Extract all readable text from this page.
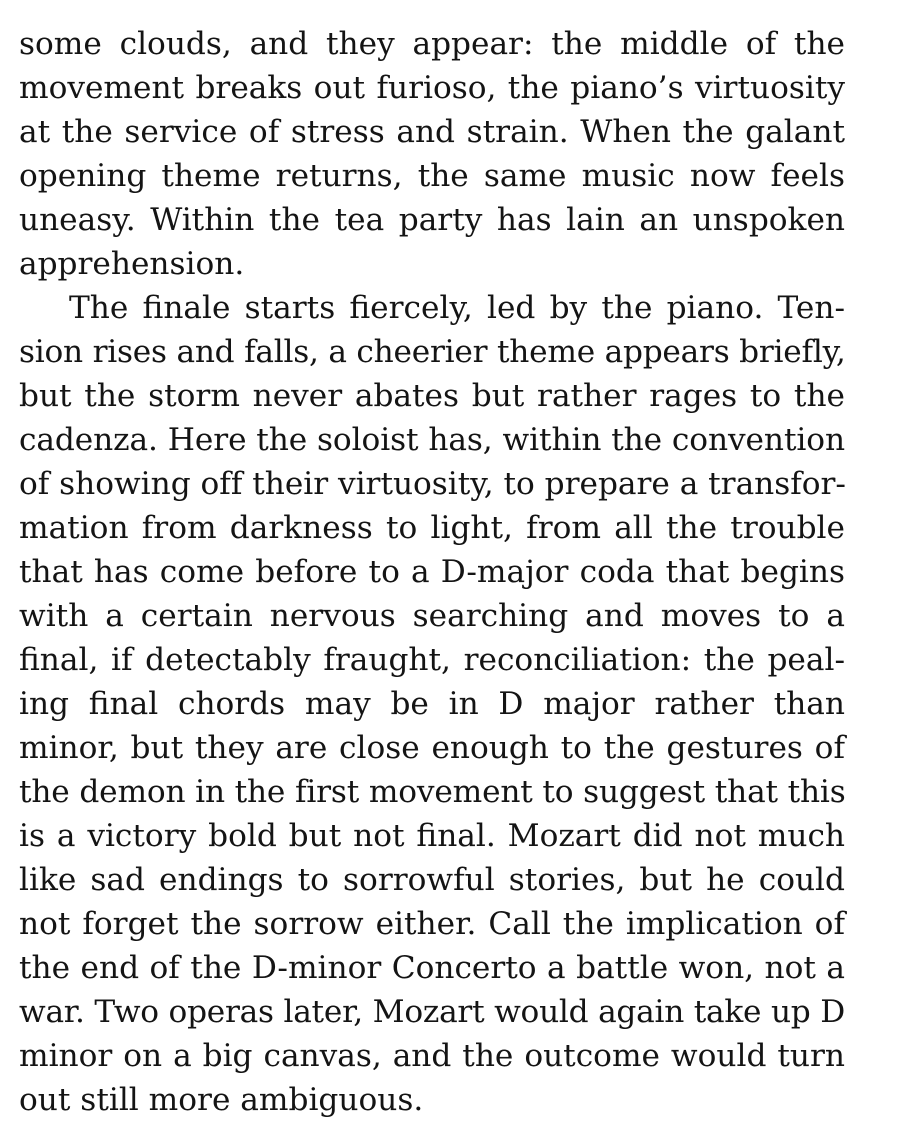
some clouds, and they appear: the middle of the
movement breaks out furioso, the piano’s virtuosity
at the service of stress and strain. When the galant
opening theme returns, the same music now feels
uneasy. Within the tea party has lain an unspoken
apprehension.
The finale starts fiercely, led by the piano. Ten-
sion rises and falls, a cheerier theme appears briefly,
but the storm never abates but rather rages to the
cadenza. Here the soloist has, within the convention
of showing off their virtuosity, to prepare a transfor-
mation from darkness to light, from all the trouble
that has come before to a D-major coda that begins
with a certain nervous searching and moves to a
final, if detectably fraught, reconciliation: the peal-
ing final chords may be in D major rather than
minor, but they are close enough to the gestures of
the demon in the first movement to suggest that this
is a victory bold but not final. Mozart did not much
like sad endings to sorrowful stories, but he could
not forget the sorrow either. Call the implication of
the end of the D-minor Concerto a battle won, not a
war. Two operas later, Mozart would again take up D
minor on a big canvas, and the outcome would turn
out still more ambiguous.
